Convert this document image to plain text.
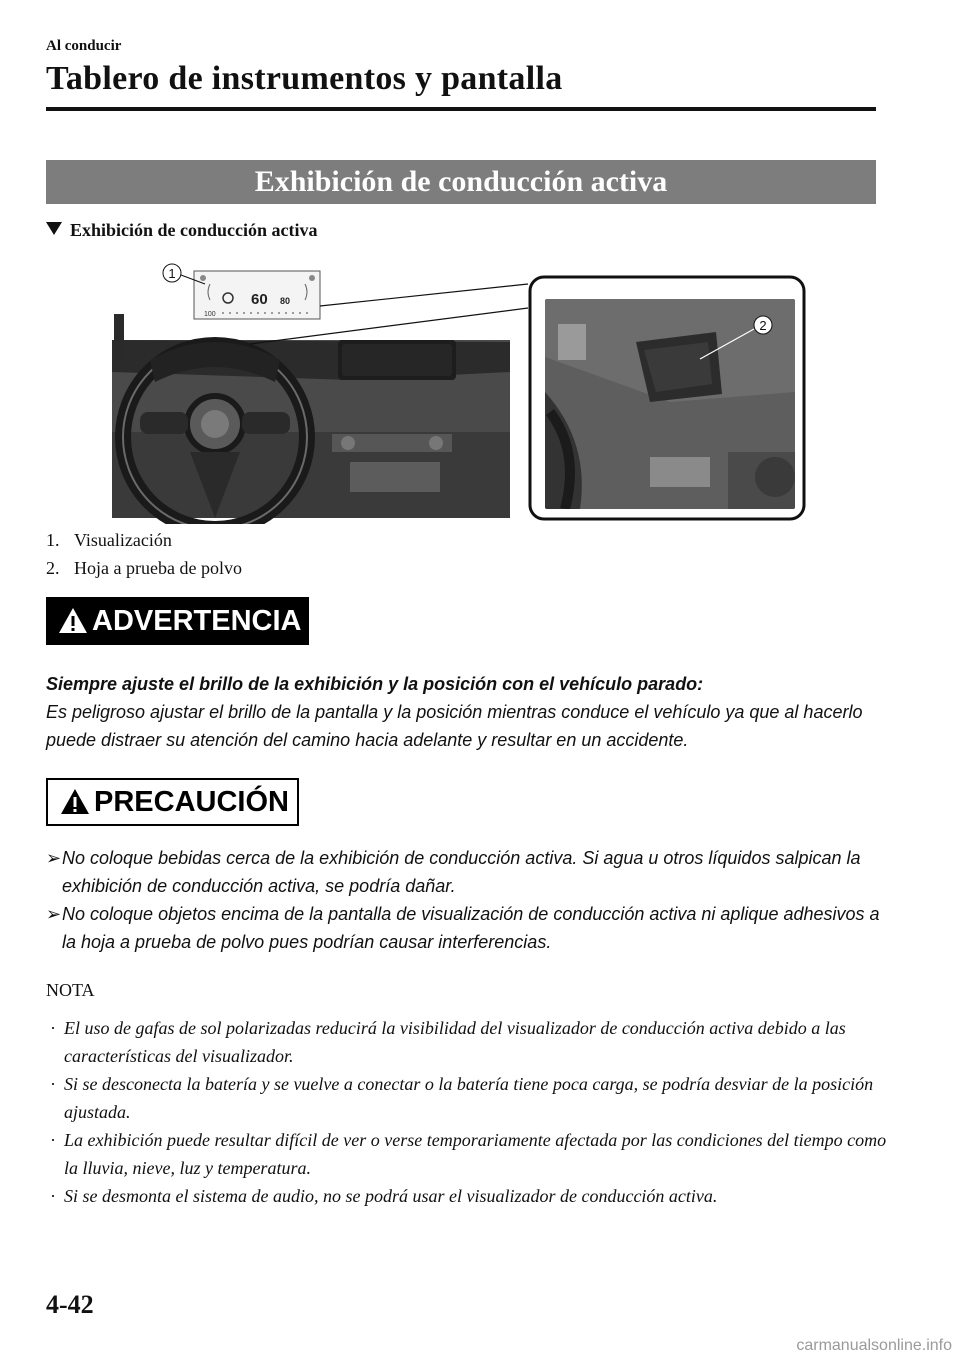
Al conducir
Tablero de instrumentos y pantalla
Exhibición de conducción activa
Exhibición de conducción activa
60 80
100
1
2
1. Visualización
2. Hoja a prueba de polvo
ADVERTENCIA
Siempre ajuste el brillo de la exhibición y la posición con el vehículo parado:
Es peligroso ajustar el brillo de la pantalla y la posición mientras conduce el vehículo ya que al hacerlo puede distraer su atención del camino hacia adelante y resultar en un accidente.
PRECAUCIÓN
➢No coloque bebidas cerca de la exhibición de conducción activa. Si agua u otros líquidos salpican la exhibición de conducción activa, se podría dañar.
➢No coloque objetos encima de la pantalla de visualización de conducción activa ni aplique adhesivos a la hoja a prueba de polvo pues podrían causar interferencias.
NOTA
· El uso de gafas de sol polarizadas reducirá la visibilidad del visualizador de conducción activa debido a las características del visualizador.
· Si se desconecta la batería y se vuelve a conectar o la batería tiene poca carga, se podría desviar de la posición ajustada.
· La exhibición puede resultar difícil de ver o verse temporariamente afectada por las condiciones del tiempo como la lluvia, nieve, luz y temperatura.
· Si se desmonta el sistema de audio, no se podrá usar el visualizador de conducción activa.
4-42
carmanualsonline.info
